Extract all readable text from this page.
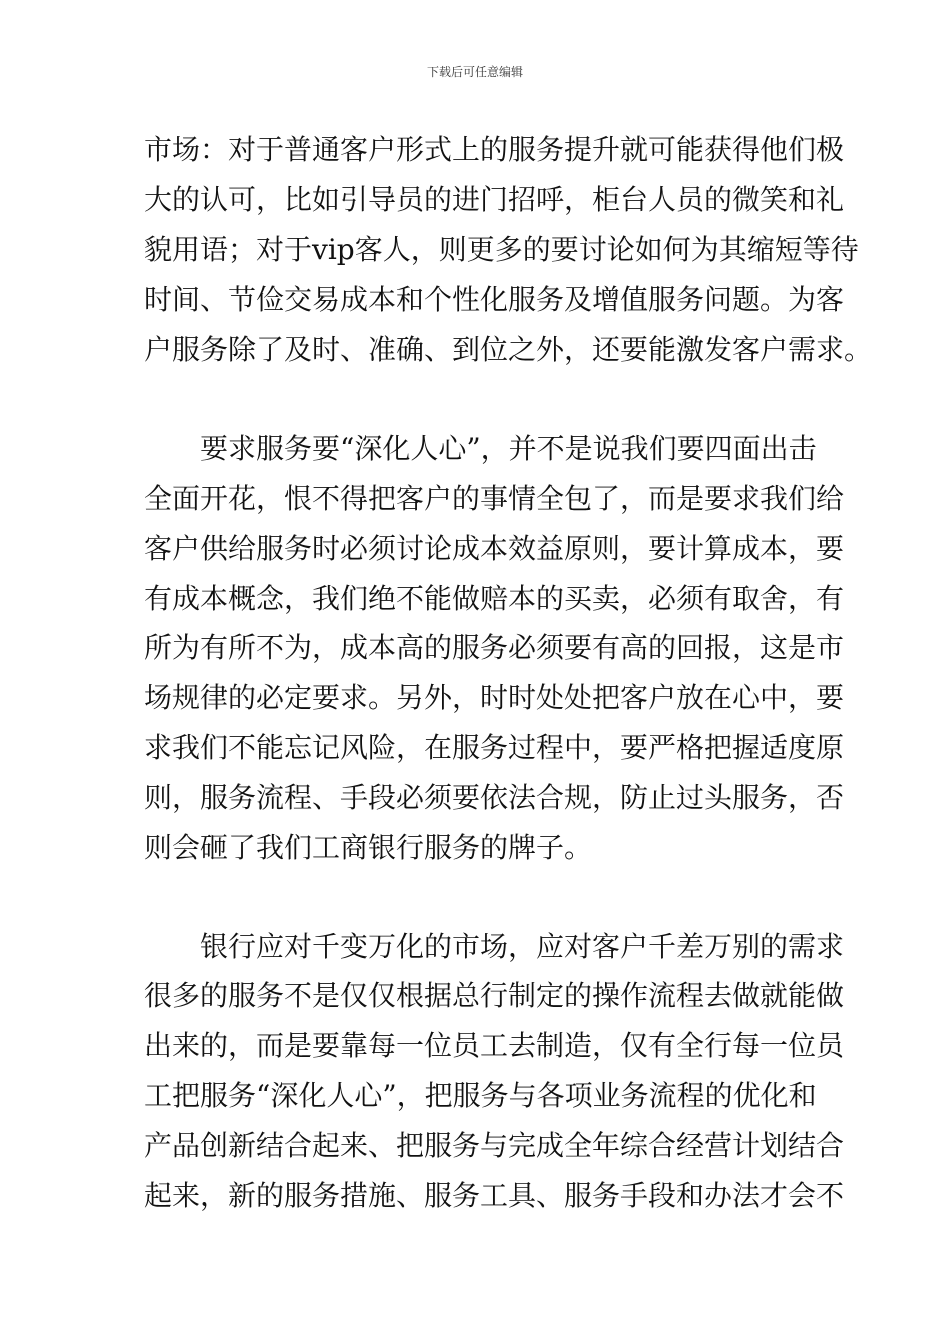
下载后可任意编辑
市场：对于普通客户形式上的服务提升就可能获得他们极
大的认可，比如引导员的进门招呼，柜台人员的微笑和礼
貌用语；对于vip客人，则更多的要讨论如何为其缩短等待
时间、节俭交易成本和个性化服务及增值服务问题。为客
户服务除了及时、准确、到位之外，还要能激发客户需求。
　　要求服务要“深化人心”，并不是说我们要四面出击
全面开花，恨不得把客户的事情全包了，而是要求我们给
客户供给服务时必须讨论成本效益原则，要计算成本，要
有成本概念，我们绝不能做赔本的买卖，必须有取舍，有
所为有所不为，成本高的服务必须要有高的回报，这是市
场规律的必定要求。另外，时时处处把客户放在心中，要
求我们不能忘记风险，在服务过程中，要严格把握适度原
则，服务流程、手段必须要依法合规，防止过头服务，否
则会砸了我们工商银行服务的牌子。
　　银行应对千变万化的市场，应对客户千差万别的需求
很多的服务不是仅仅根据总行制定的操作流程去做就能做
出来的，而是要靠每一位员工去制造，仅有全行每一位员
工把服务“深化人心”，把服务与各项业务流程的优化和
产品创新结合起来、把服务与完成全年综合经营计划结合
起来，新的服务措施、服务工具、服务手段和办法才会不
